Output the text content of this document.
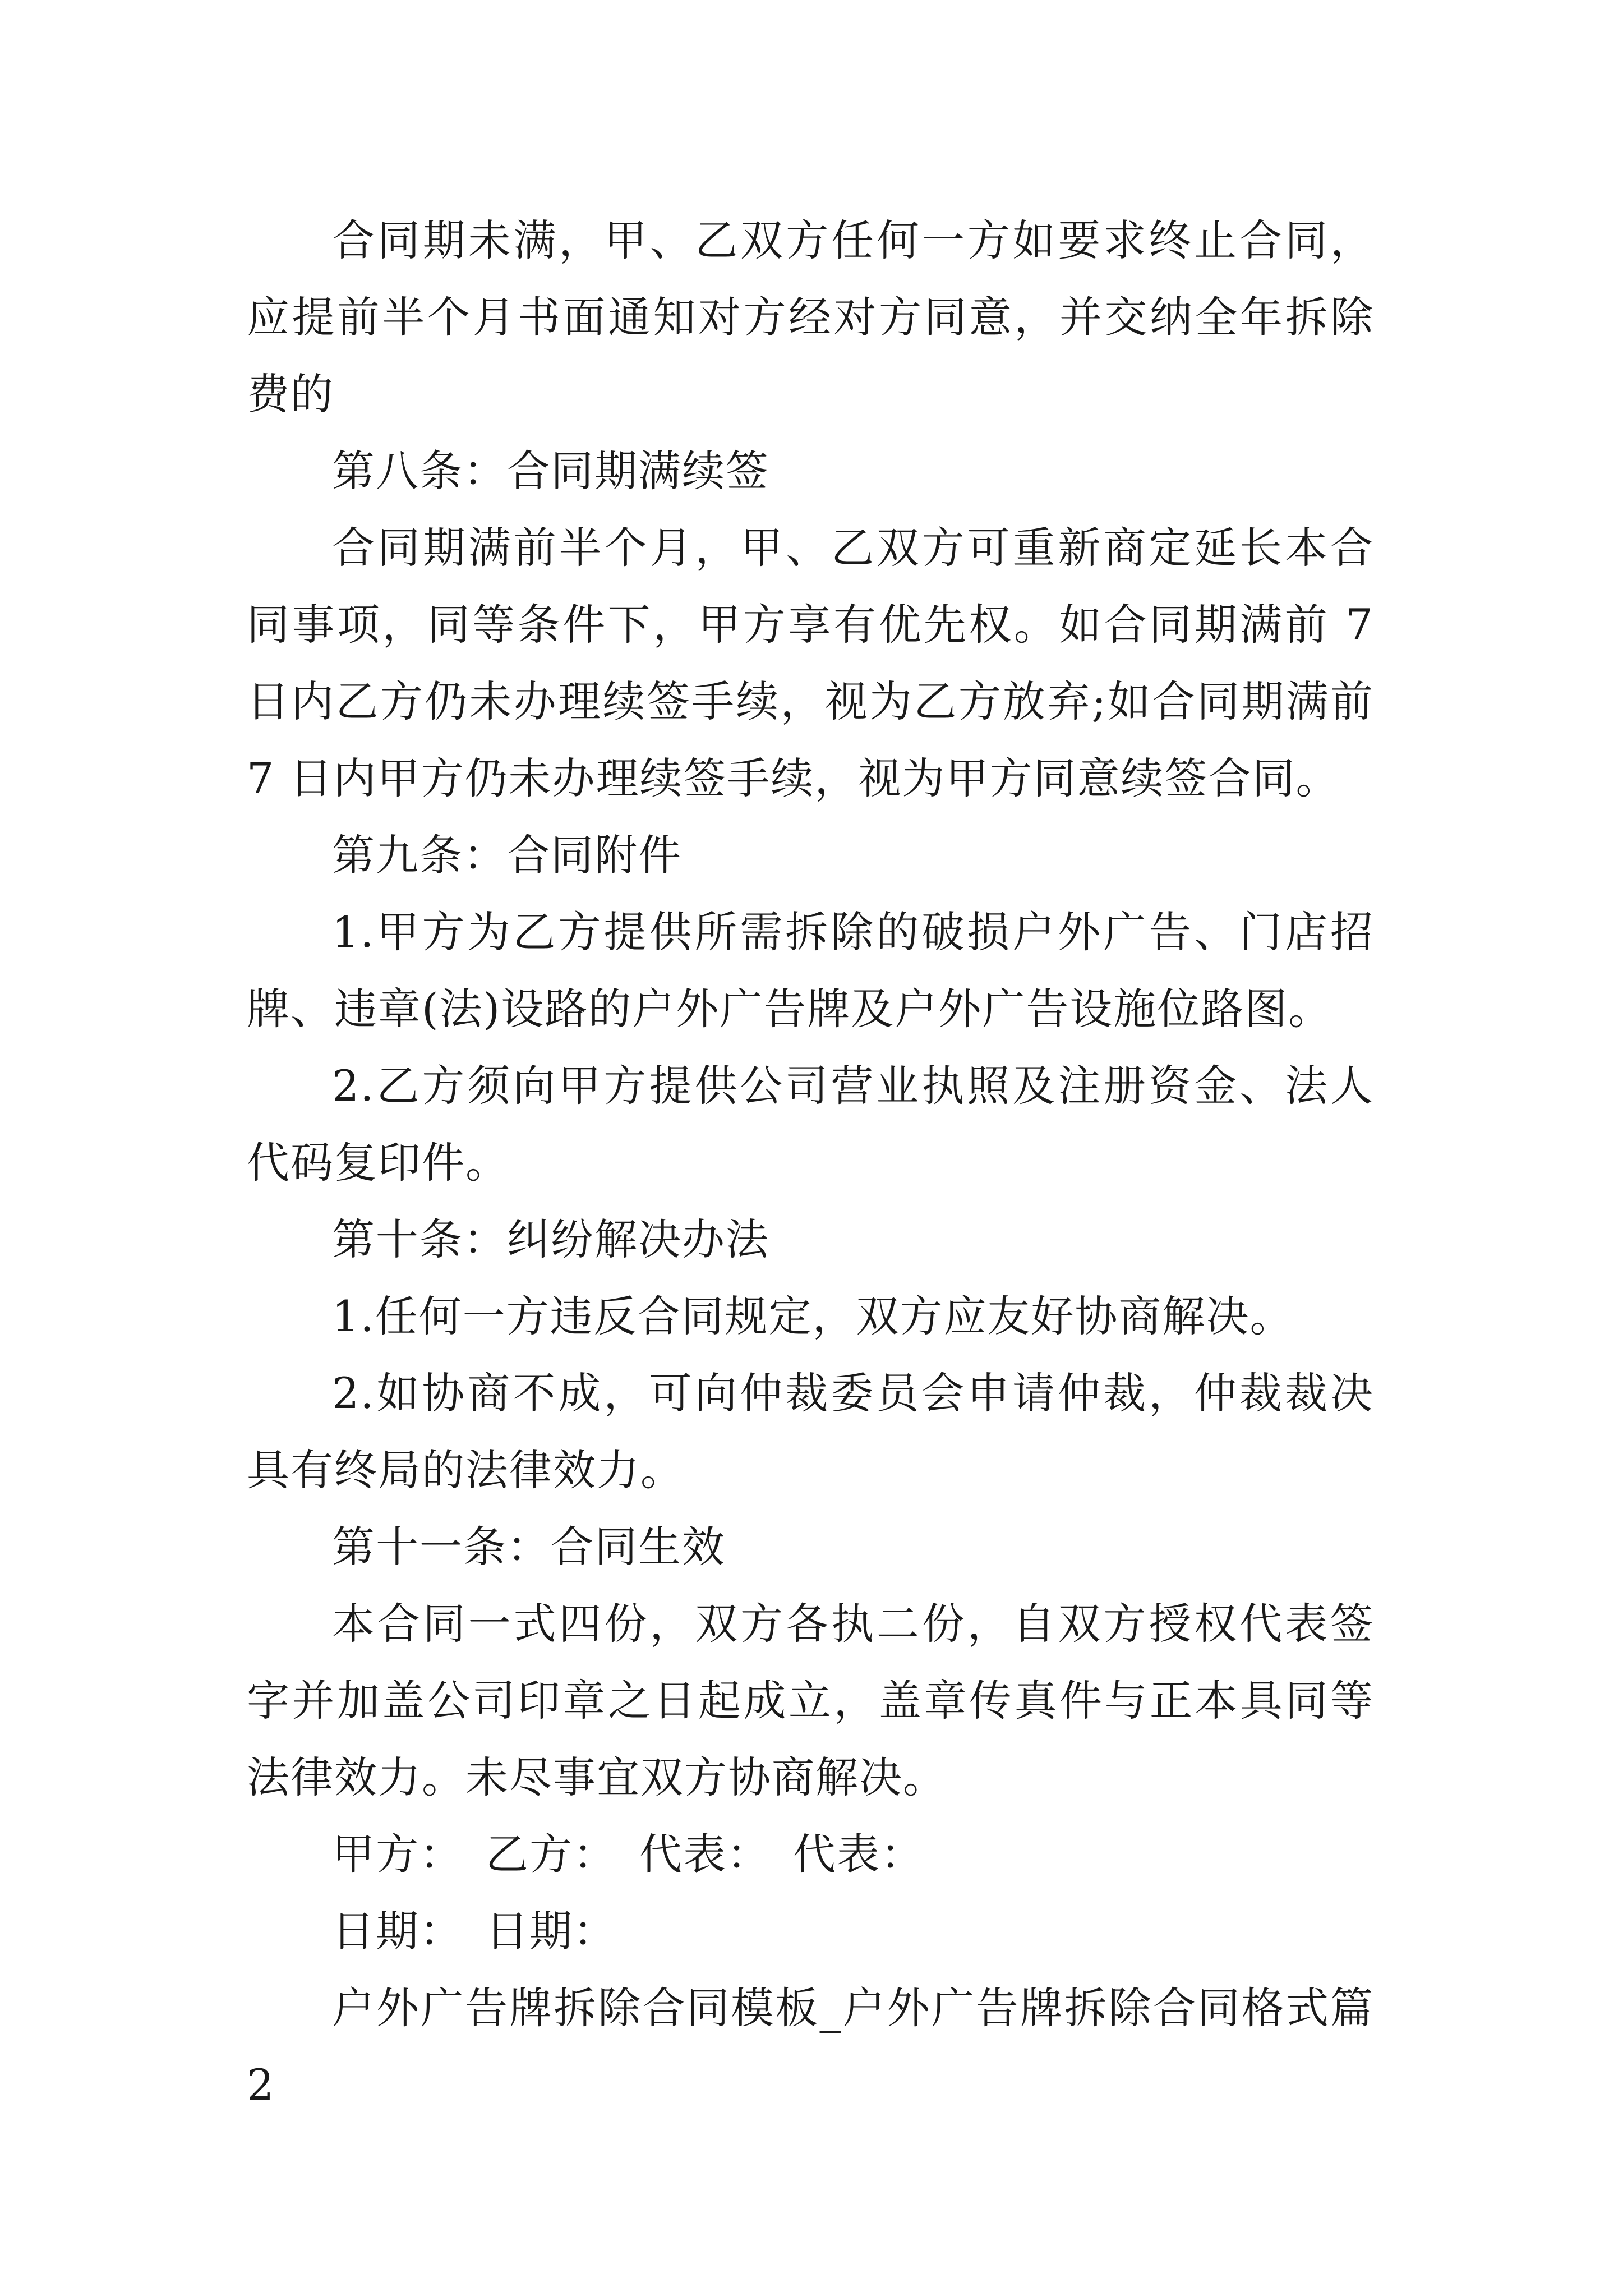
合同期未满，甲、乙双方任何一方如要求终止合同，应提前半个月书面通知对方经对方同意，并交纳全年拆除费的

第八条：合同期满续签

合同期满前半个月，甲、乙双方可重新商定延长本合同事项，同等条件下，甲方享有优先权。如合同期满前 7 日内乙方仍未办理续签手续，视为乙方放弃;如合同期满前 7 日内甲方仍未办理续签手续，视为甲方同意续签合同。

第九条：合同附件

1.甲方为乙方提供所需拆除的破损户外广告、门店招牌、违章(法)设路的户外广告牌及户外广告设施位路图。

2.乙方须向甲方提供公司营业执照及注册资金、法人代码复印件。

第十条：纠纷解决办法

1.任何一方违反合同规定，双方应友好协商解决。

2.如协商不成，可向仲裁委员会申请仲裁，仲裁裁决具有终局的法律效力。

第十一条：合同生效

本合同一式四份，双方各执二份，自双方授权代表签字并加盖公司印章之日起成立，盖章传真件与正本具同等法律效力。未尽事宜双方协商解决。

甲方：　乙方：　代表：　代表：

日期：　日期：

户外广告牌拆除合同模板_户外广告牌拆除合同格式篇 2
